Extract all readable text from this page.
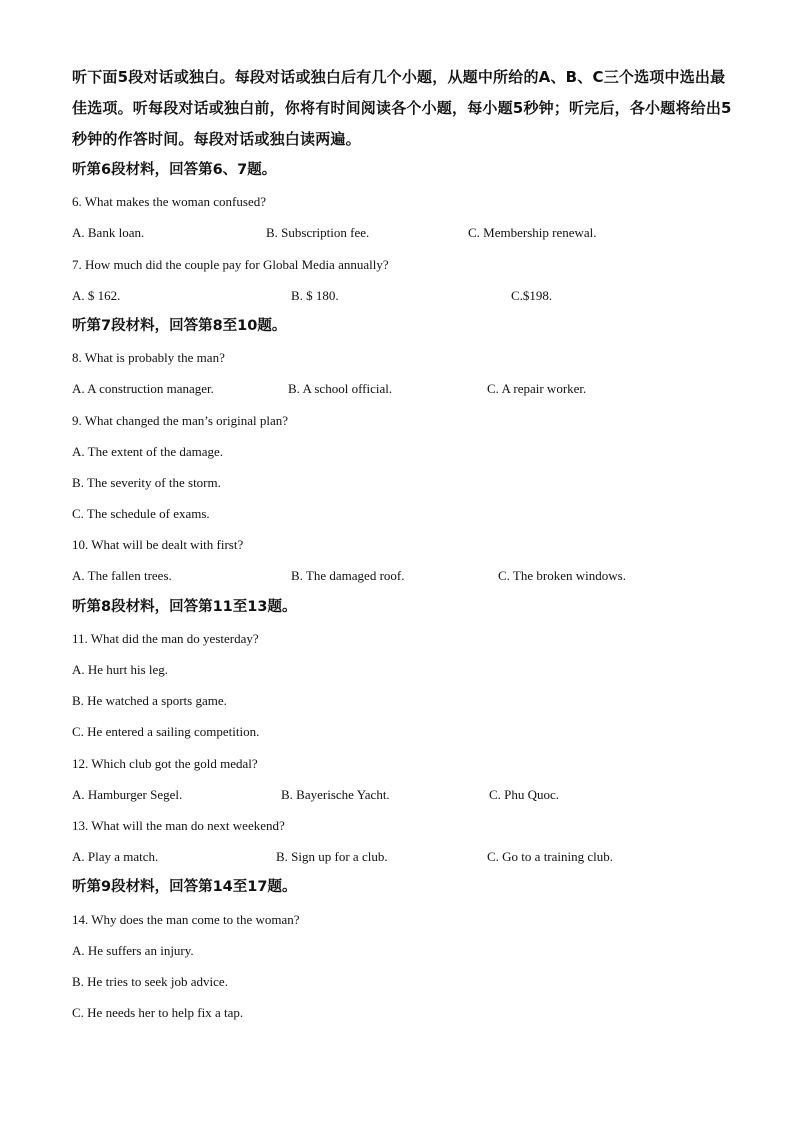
听下面5段对话或独白。每段对话或独白后有几个小题，从题中所给的A、B、C三个选项中选出最佳选项。听每段对话或独白前，你将有时间阅读各个小题，每小题5秒钟；听完后，各小题将给出5秒钟的作答时间。每段对话或独白读两遍。

听第6段材料，回答第6、7题。
6. What makes the woman confused?
A. Bank loan.	B. Subscription fee.	C. Membership renewal.
7. How much did the couple pay for Global Media annually?
A. $ 162.	B. $ 180.	C.$198.
听第7段材料，回答第8至10题。
8. What is probably the man?
A. A construction manager.	B. A school official.	C. A repair worker.
9. What changed the man’s original plan?
A. The extent of the damage.
B. The severity of the storm.
C. The schedule of exams.
10. What will be dealt with first?
A. The fallen trees.	B. The damaged roof.	C. The broken windows.
听第8段材料，回答第11至13题。
11. What did the man do yesterday?
A. He hurt his leg.
B. He watched a sports game.
C. He entered a sailing competition.
12. Which club got the gold medal?
A. Hamburger Segel.	B. Bayerische Yacht.	C. Phu Quoc.
13. What will the man do next weekend?
A. Play a match.	B. Sign up for a club.	C. Go to a training club.
听第9段材料，回答第14至17题。
14. Why does the man come to the woman?
A. He suffers an injury.
B. He tries to seek job advice.
C. He needs her to help fix a tap.
